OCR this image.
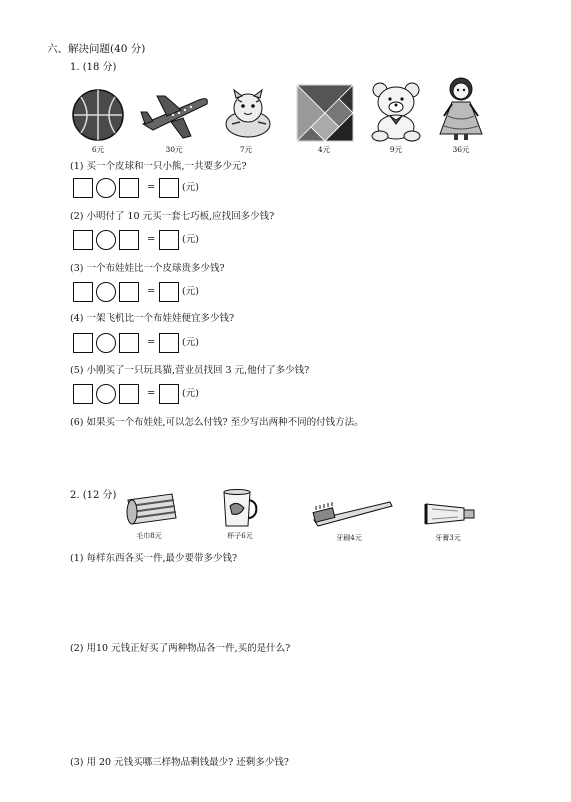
六、解决问题(40 分)
1. (18 分)
6元	30元	7元	4元	9元	36元
(1) 买一个皮球和一只小熊,一共要多少元?
=	(元)
(2) 小明付了 10 元买一套七巧板,应找回多少钱?
=	(元)
(3) 一个布娃娃比一个皮球贵多少钱?
=	(元)
(4) 一架飞机比一个布娃娃便宜多少钱?
=	(元)
(5) 小刚买了一只玩具猫,营业员找回 3 元,他付了多少钱?
=	(元)
(6) 如果买一个布娃娃,可以怎么付钱? 至少写出两种不同的付钱方法。
2. (12 分)
毛巾8元	杯子6元	牙刷4元	牙膏3元
(1) 每样东西各买一件,最少要带多少钱?
(2) 用10 元钱正好买了两种物品各一件,买的是什么?
(3) 用 20 元钱买哪三样物品剩钱最少? 还剩多少钱?
